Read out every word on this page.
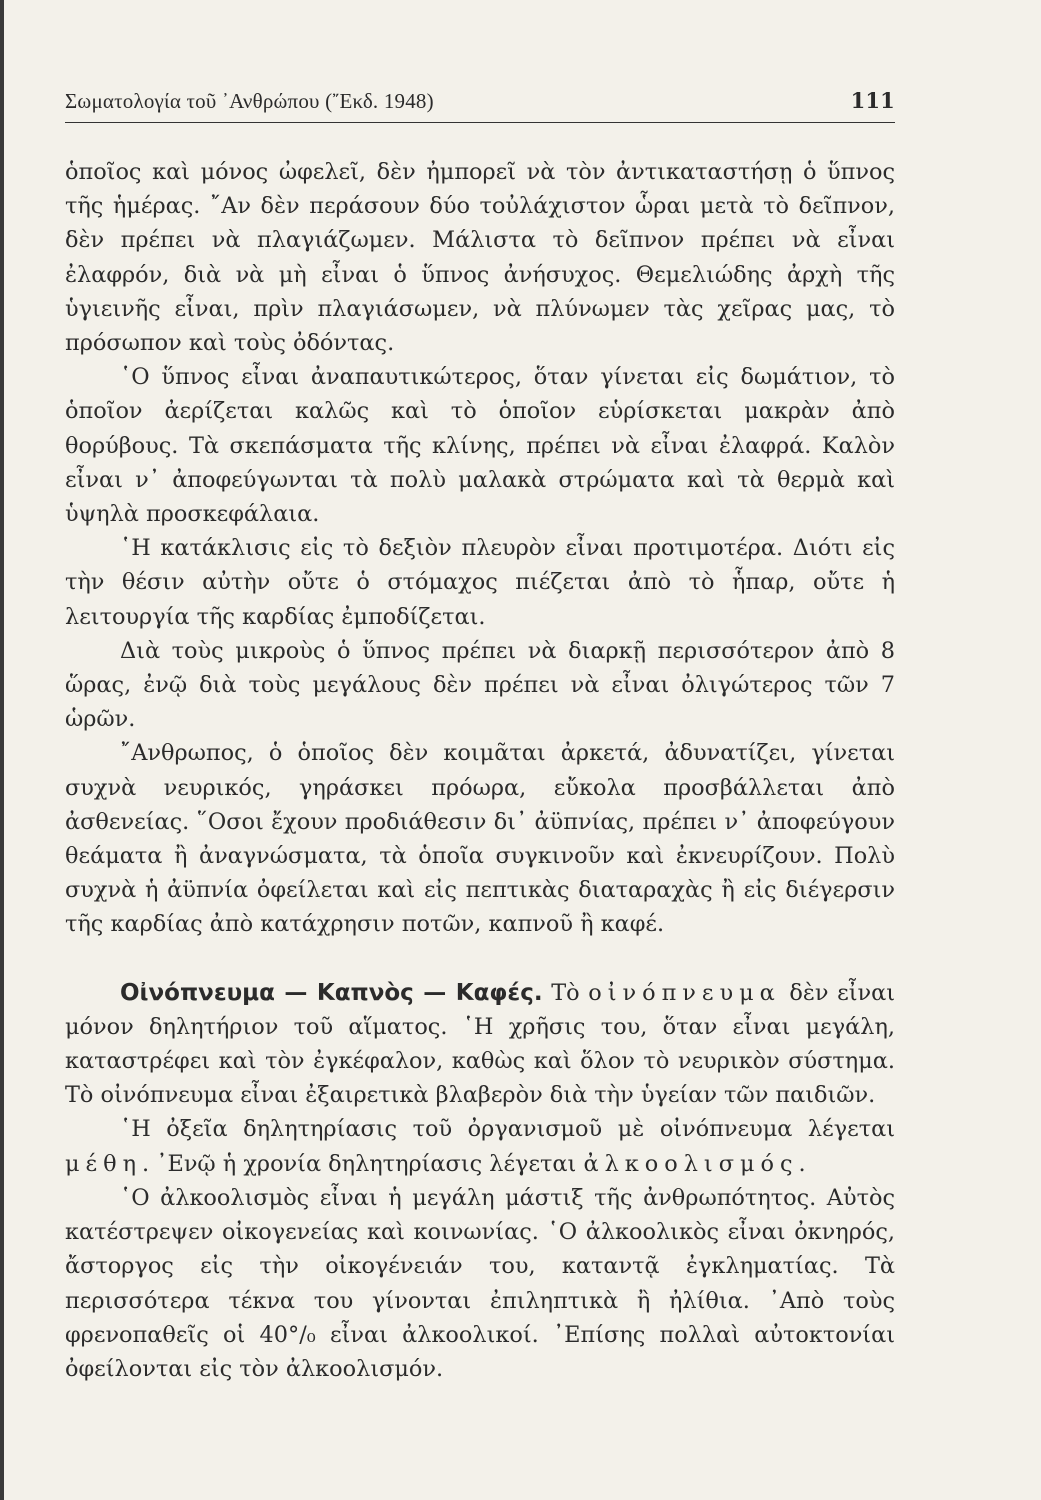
Σωματολογία τοῦ ᾽Ανθρώπου (῎Εκδ. 1948)	111

ὁποῖος καὶ μόνος ὠφελεῖ, δὲν ἠμπορεῖ νὰ τὸν ἀντικαταστήσῃ ὁ ὕπνος τῆς ἡμέρας. ῎Αν δὲν περάσουν δύο τοὐλάχιστον ὧραι μετὰ τὸ δεῖπνον, δὲν πρέπει νὰ πλαγιάζωμεν. Μάλιστα τὸ δεῖπνον πρέπει νὰ εἶναι ἐλαφρόν, διὰ νὰ μὴ εἶναι ὁ ὕπνος ἀνήσυχος. Θεμελιώδης ἀρχὴ τῆς ὑγιεινῆς εἶναι, πρὶν πλαγιάσωμεν, νὰ πλύνωμεν τὰς χεῖρας μας, τὸ πρόσωπον καὶ τοὺς ὀδόντας.

῾Ο ὕπνος εἶναι ἀναπαυτικώτερος, ὅταν γίνεται εἰς δωμάτιον, τὸ ὁποῖον ἀερίζεται καλῶς καὶ τὸ ὁποῖον εὑρίσκεται μακρὰν ἀπὸ θορύβους. Τὰ σκεπάσματα τῆς κλίνης, πρέπει νὰ εἶναι ἐλαφρά. Καλὸν εἶναι ν᾽ ἀποφεύγωνται τὰ πολὺ μαλακὰ στρώματα καὶ τὰ θερμὰ καὶ ὑψηλὰ προσκεφάλαια.

῾Η κατάκλισις εἰς τὸ δεξιὸν πλευρὸν εἶναι προτιμοτέρα. Διότι εἰς τὴν θέσιν αὐτὴν οὔτε ὁ στόμαχος πιέζεται ἀπὸ τὸ ἧπαρ, οὔτε ἡ λειτουργία τῆς καρδίας ἐμποδίζεται.

Διὰ τοὺς μικροὺς ὁ ὕπνος πρέπει νὰ διαρκῇ περισσότερον ἀπὸ 8 ὥρας, ἐνῷ διὰ τοὺς μεγάλους δὲν πρέπει νὰ εἶναι ὀλιγώτερος τῶν 7 ὡρῶν.

῎Ανθρωπος, ὁ ὁποῖος δὲν κοιμᾶται ἀρκετά, ἀδυνατίζει, γίνεται συχνὰ νευρικός, γηράσκει πρόωρα, εὔκολα προσβάλλεται ἀπὸ ἀσθενείας. ῞Οσοι ἔχουν προδιάθεσιν δι᾽ ἀϋπνίας, πρέπει ν᾽ ἀποφεύγουν θεάματα ἢ ἀναγνώσματα, τὰ ὁποῖα συγκινοῦν καὶ ἐκνευρίζουν. Πολὺ συχνὰ ἡ ἀϋπνία ὀφείλεται καὶ εἰς πεπτικὰς διαταραχὰς ἢ εἰς διέγερσιν τῆς καρδίας ἀπὸ κατάχρησιν ποτῶν, καπνοῦ ἢ καφέ.

Οἰνόπνευμα — Καπνὸς — Καφές. Τὸ οἰνόπνευμα δὲν εἶναι μόνον δηλητήριον τοῦ αἵματος. ῾Η χρῆσις του, ὅταν εἶναι μεγάλη, καταστρέφει καὶ τὸν ἐγκέφαλον, καθὼς καὶ ὅλον τὸ νευρικὸν σύστημα. Τὸ οἰνόπνευμα εἶναι ἐξαιρετικὰ βλαβερὸν διὰ τὴν ὑγείαν τῶν παιδιῶν.

῾Η ὀξεῖα δηλητηρίασις τοῦ ὀργανισμοῦ μὲ οἰνόπνευμα λέγεται μέθη. ᾽Ενῷ ἡ χρονία δηλητηρίασις λέγεται ἀλκοολισμός.

῾Ο ἀλκοολισμὸς εἶναι ἡ μεγάλη μάστιξ τῆς ἀνθρωπότητος. Αὐτὸς κατέστρεψεν οἰκογενείας καὶ κοινωνίας. ῾Ο ἀλκοολικὸς εἶναι ὀκνηρός, ἄστοργος εἰς τὴν οἰκογένειάν του, καταντᾷ ἐγκληματίας. Τὰ περισσότερα τέκνα του γίνονται ἐπιληπτικὰ ἢ ἠλίθια. ᾽Απὸ τοὺς φρενοπαθεῖς οἱ 40°/₀ εἶναι ἀλκοολικοί. ᾽Επίσης πολλαὶ αὐτοκτονίαι ὀφείλονται εἰς τὸν ἀλκοολισμόν.
